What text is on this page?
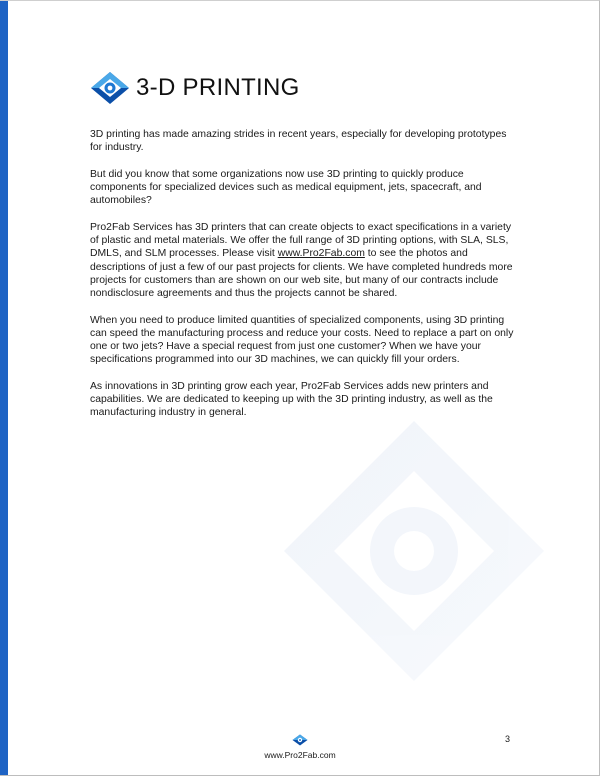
3-D PRINTING

3D printing has made amazing strides in recent years, especially for developing prototypes for industry.

But did you know that some organizations now use 3D printing to quickly produce components for specialized devices such as medical equipment, jets, spacecraft, and automobiles?

Pro2Fab Services has 3D printers that can create objects to exact specifications in a variety of plastic and metal materials. We offer the full range of 3D printing options, with SLA, SLS, DMLS, and SLM processes. Please visit www.Pro2Fab.com to see the photos and descriptions of just a few of our past projects for clients. We have completed hundreds more projects for customers than are shown on our web site, but many of our contracts include nondisclosure agreements and thus the projects cannot be shared.

When you need to produce limited quantities of specialized components, using 3D printing can speed the manufacturing process and reduce your costs. Need to replace a part on only one or two jets? Have a special request from just one customer? When we have your specifications programmed into our 3D machines, we can quickly fill your orders.

As innovations in 3D printing grow each year, Pro2Fab Services adds new printers and capabilities. We are dedicated to keeping up with the 3D printing industry, as well as the manufacturing industry in general.

www.Pro2Fab.com
3
